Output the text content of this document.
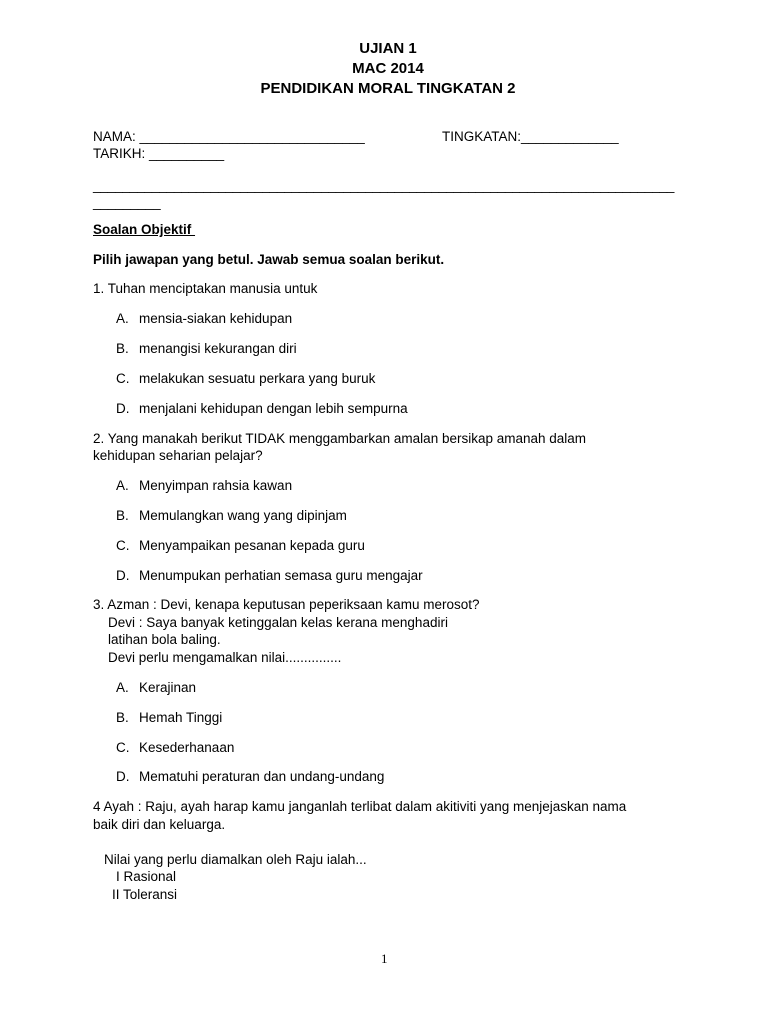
UJIAN 1
MAC 2014
PENDIDIKAN MORAL TINGKATAN 2
NAMA: ______________________________	TINGKATAN:_____________
TARIKH: __________
_______________________________________________________________________________
_________
Soalan Objektif
Pilih jawapan yang betul. Jawab semua soalan berikut.
1. Tuhan menciptakan manusia untuk
A. mensia-siakan kehidupan
B. menangisi kekurangan diri
C. melakukan sesuatu perkara yang buruk
D. menjalani kehidupan dengan lebih sempurna
2. Yang manakah berikut TIDAK menggambarkan amalan bersikap amanah dalam
kehidupan seharian pelajar?
A. Menyimpan rahsia kawan
B. Memulangkan wang yang dipinjam
C. Menyampaikan pesanan kepada guru
D. Menumpukan perhatian semasa guru mengajar
3. Azman : Devi, kenapa keputusan peperiksaan kamu merosot?
Devi : Saya banyak ketinggalan kelas kerana menghadiri
latihan bola baling.
Devi perlu mengamalkan nilai...............
A. Kerajinan
B. Hemah Tinggi
C. Kesederhanaan
D. Mematuhi peraturan dan undang-undang
4 Ayah : Raju, ayah harap kamu janganlah terlibat dalam akitiviti yang menjejaskan nama
baik diri dan keluarga.
Nilai yang perlu diamalkan oleh Raju ialah...
I Rasional
II Toleransi
1
